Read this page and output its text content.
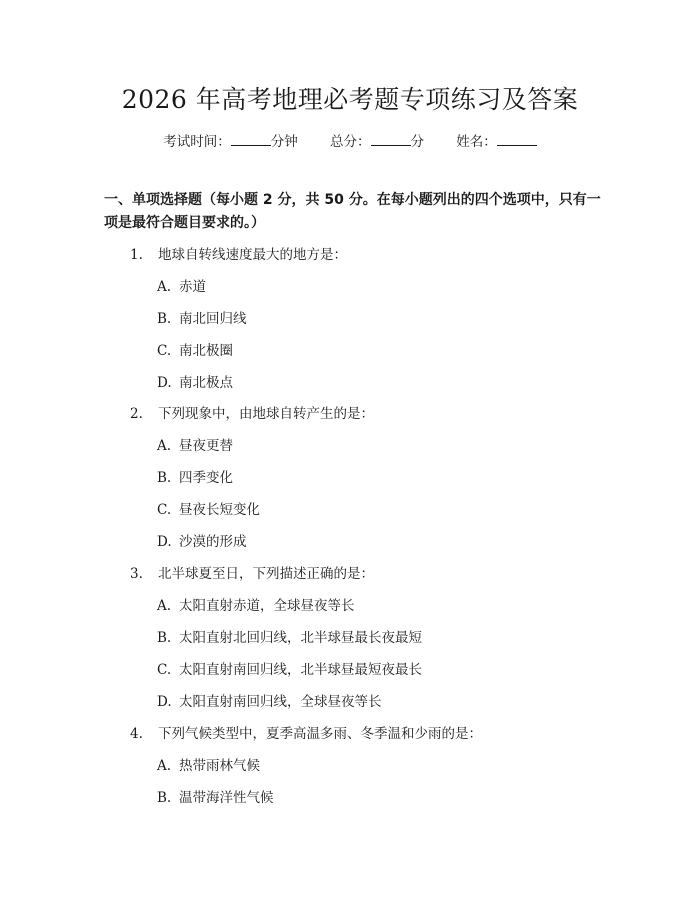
2026 年高考地理必考题专项练习及答案
考试时间：	分钟 总分：	分 姓名：
一、单项选择题（每小题 2 分，共 50 分。在每小题列出的四个选项中，只有一项是最符合题目要求的。）
1. 地球自转线速度最大的地方是：
A. 赤道
B. 南北回归线
C. 南北极圈
D. 南北极点
2. 下列现象中，由地球自转产生的是：
A. 昼夜更替
B. 四季变化
C. 昼夜长短变化
D. 沙漠的形成
3. 北半球夏至日，下列描述正确的是：
A. 太阳直射赤道，全球昼夜等长
B. 太阳直射北回归线，北半球昼最长夜最短
C. 太阳直射南回归线，北半球昼最短夜最长
D. 太阳直射南回归线，全球昼夜等长
4. 下列气候类型中，夏季高温多雨、冬季温和少雨的是：
A. 热带雨林气候
B. 温带海洋性气候
